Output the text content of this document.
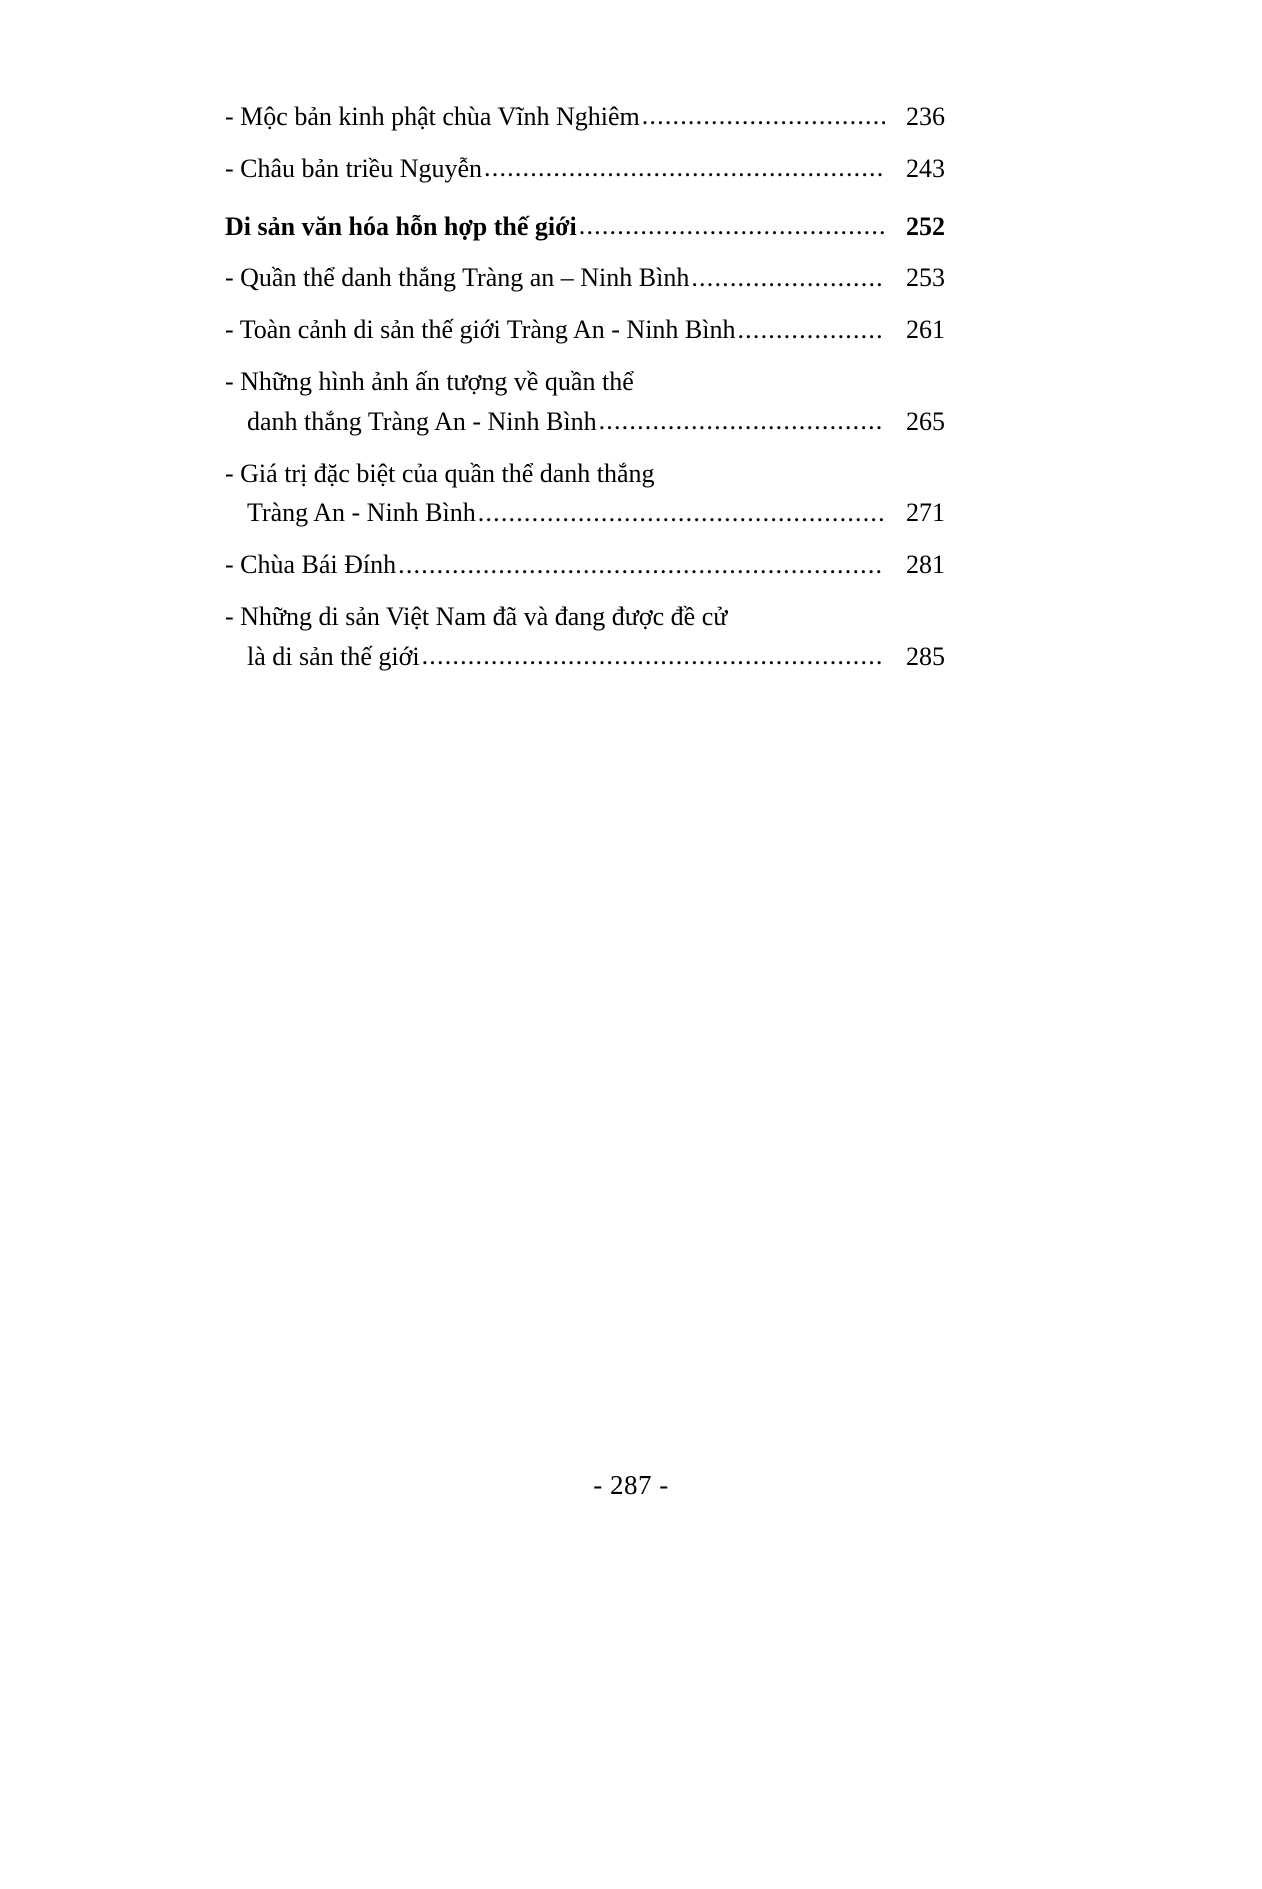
- Mộc bản kinh phật chùa Vĩnh Nghiêm .....	236
- Châu bản triều Nguyễn .....	243
Di sản văn hóa hỗn hợp thế giới .....	252
- Quần thể danh thắng Tràng an – Ninh Bình .....	253
- Toàn cảnh di sản thế giới Tràng An - Ninh Bình .....	261
- Những hình ảnh ấn tượng về quần thể
danh thắng Tràng An - Ninh Bình .....	265
- Giá trị đặc biệt của quần thể danh thắng
Tràng An - Ninh Bình .....	271
- Chùa Bái Đính .....	281
- Những di sản Việt Nam đã và đang được đề cử
là di sản thế giới .....	285
- 287 -
